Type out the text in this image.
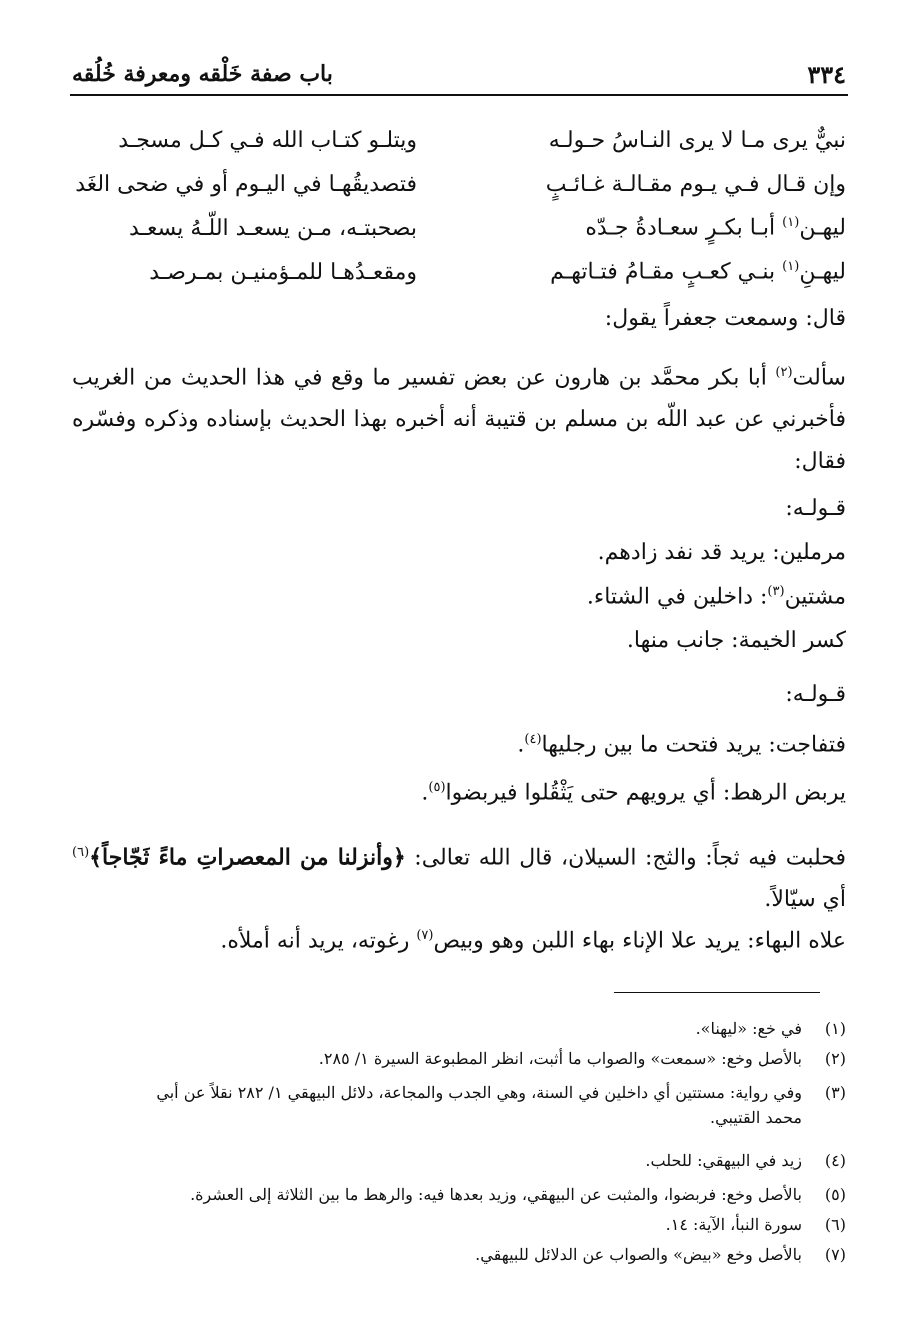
٣٣٤
باب صفة خَلْقه ومعرفة خُلُقه
نبيٌّ يرى مـا لا يرى النـاسُ حـولـه
ويتلـو كتـاب الله فـي كـل مسجـد
وإن قـال فـي يـوم مقـالـة غـائـبٍ
فتصديقُهـا في اليـوم أو في ضحى الغَد
ليهـن$^{(١)}$ أبـا بكـرٍ سعـادةُ جـدّه
بصحبتـه، مـن يسعـد اللّـهُ يسعـد
ليهـنِ$^{(١)}$ بنـي كعـبٍ مقـامُ فتـاتهـم
ومقعـدُهـا للمـؤمنيـن بمـرصـد
قال: وسمعت جعفراً يقول:
سألت$^{(٢)}$ أبا بكر محمَّد بن هارون عن بعض تفسير ما وقع في هذا الحديث من الغريب فأخبرني عن عبد اللّه بن مسلم بن قتيبة أنه أخبره بهذا الحديث بإسناده وذكره وفسّره فقال:
قـولـه:
مرملين: يريد قد نفد زادهم.
مشتين$^{(٣)}$: داخلين في الشتاء.
كسر الخيمة: جانب منها.
قـولـه:
فتفاجت: يريد فتحت ما بين رجليها$^{(٤)}$.
يربض الرهط: أي يرويهم حتى يَثْقُلوا فيربضوا$^{(٥)}$.
فحلبت فيه ثجاً: والثج: السيلان، قال الله تعالى: ﴿وأنزلنا من المعصراتِ ماءً ثَجّاجاً﴾$^{(٦)}$ أي سيّالاً.
علاه البهاء: يريد علا الإناء بهاء اللبن وهو وبيص$^{(٧)}$ رغوته، يريد أنه أملأه.
(١)في خع: «ليهنا».
(٢)بالأصل وخع: «سمعت» والصواب ما أثبت، انظر المطبوعة السيرة ١/ ٢٨٥.
(٣)وفي رواية: مستتين أي داخلين في السنة، وهي الجدب والمجاعة، دلائل البيهقي ١/ ٢٨٢ نقلاً عن أبي
محمد القتيبي.
(٤)زيد في البيهقي: للحلب.
(٥)بالأصل وخع: فربضوا، والمثبت عن البيهقي، وزيد بعدها فيه: والرهط ما بين الثلاثة إلى العشرة.
(٦)سورة النبأ، الآية: ١٤.
(٧)بالأصل وخع «بيض» والصواب عن الدلائل للبيهقي.
